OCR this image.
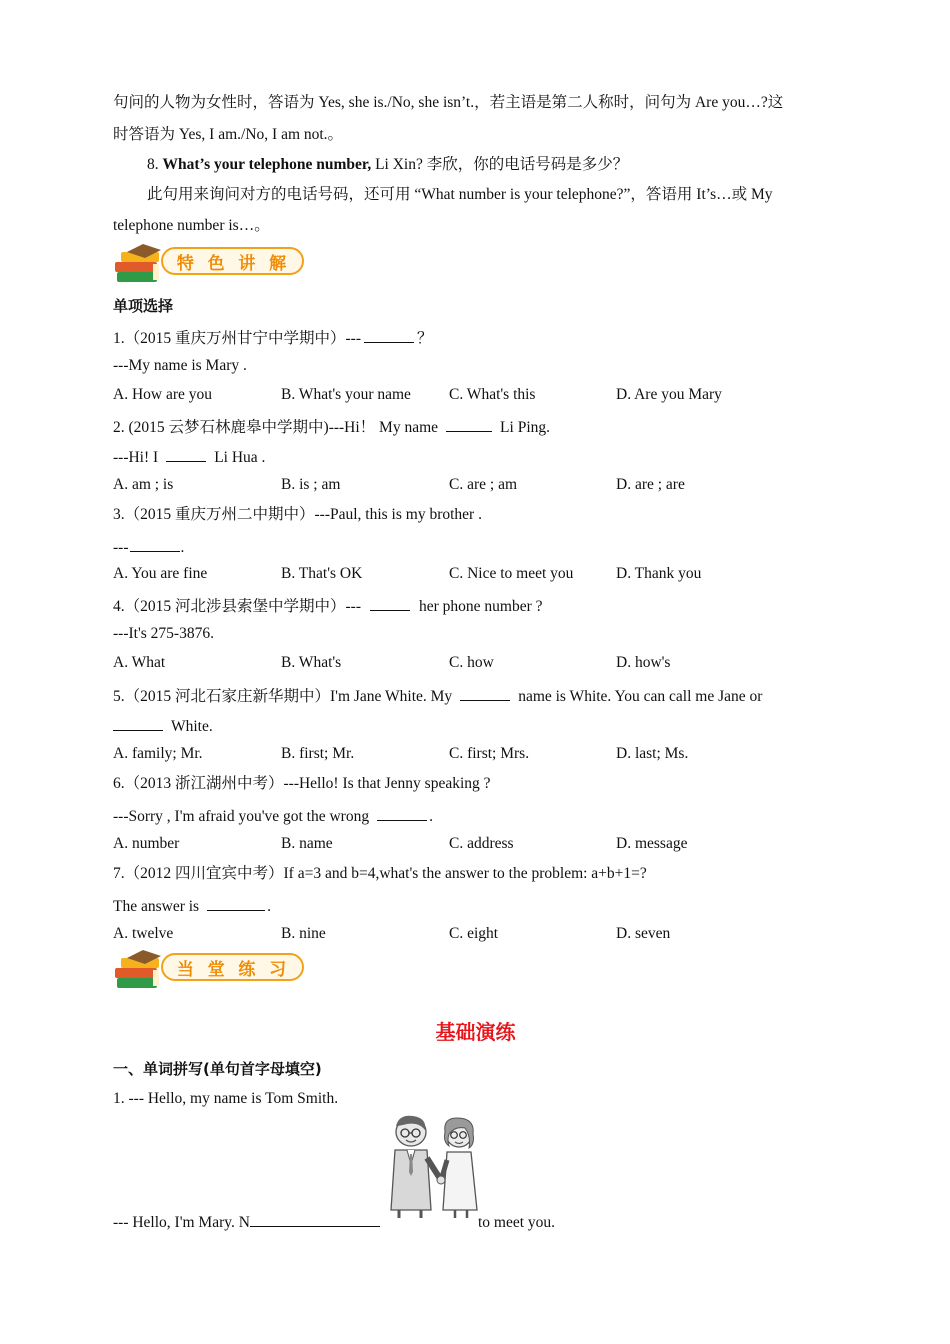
句问的人物为女性时，答语为 Yes, she is./No, she isn’t.，若主语是第二人称时，问句为 Are you…?这
时答语为 Yes, I am./No, I am not.。
8. What’s your telephone number, Li Xin? 李欣，你的电话号码是多少？
此句用来询问对方的电话号码，还可用 “What number is your telephone?”，答语用 It’s…或 My
telephone number is…。
特 色 讲 解
单项选择
1.（2015 重庆万州甘宁中学期中）---	？
---My name is Mary .
A. How are you	B. What's your name C. What's this	D. Are you Mary
2. (2015 云梦石林鹿皋中学期中)---Hi！ My name	Li Ping.
---Hi! I	Li Hua .
A. am ; is	B. is ; am	C. are ; am	D. are ; are
3.（2015 重庆万州二中期中）---Paul, this is my brother .
---	.
A. You are fine	B. That's OK	C. Nice to meet you	D. Thank you
4.（2015 河北涉县索堡中学期中）---	her phone number ?
---It's 275-3876.
A. What	B. What's	C. how	D. how's
5.（2015 河北石家庄新华期中）I'm Jane White. My	name is White. You can call me Jane or
White.
A. family; Mr.	B. first; Mr.	C. first; Mrs.	D. last; Ms.
6.（2013 浙江湖州中考）---Hello! Is that Jenny speaking ?
---Sorry , I'm afraid you've got the wrong	.
A. number	B. name	C. address	D. message
7.（2012 四川宜宾中考）If a=3 and b=4,what's the answer to the problem: a+b+1=?
The answer is	.
A. twelve	B. nine	C. eight	D. seven
当 堂 练 习
基础演练
一、单词拼写(单句首字母填空)
1. --- Hello, my name is Tom Smith.
--- Hello, I'm Mary. N	to meet you.
